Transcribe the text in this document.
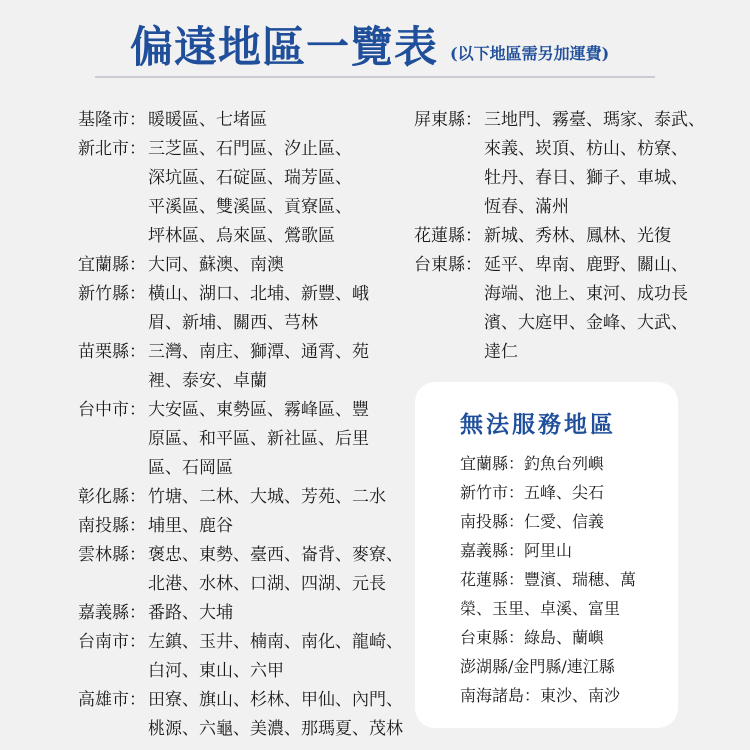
偏遠地區一覽表 (以下地區需另加運費)
基隆市： 暖暖區、七堵區
新北市： 三芝區、石門區、汐止區、
深坑區、石碇區、瑞芳區、
平溪區、雙溪區、貢寮區、
坪林區、烏來區、鶯歌區
宜蘭縣： 大同、蘇澳、南澳
新竹縣： 橫山、湖口、北埔、新豐、峨
眉、新埔、關西、芎林
苗栗縣： 三灣、南庄、獅潭、通霄、苑
裡、泰安、卓蘭
台中市： 大安區、東勢區、霧峰區、豐
原區、和平區、新社區、后里
區、石岡區
彰化縣： 竹塘、二林、大城、芳苑、二水
南投縣： 埔里、鹿谷
雲林縣： 褒忠、東勢、臺西、崙背、麥寮、
北港、水林、口湖、四湖、元長
嘉義縣： 番路、大埔
台南市： 左鎮、玉井、楠南、南化、龍崎、
白河、東山、六甲
高雄市： 田寮、旗山、杉林、甲仙、內門、
桃源、六龜、美濃、那瑪夏、茂林
屏東縣： 三地門、霧臺、瑪家、泰武、
來義、崁頂、枋山、枋寮、
牡丹、春日、獅子、車城、
恆春、滿州
花蓮縣： 新城、秀林、鳳林、光復
台東縣： 延平、卑南、鹿野、關山、
海端、池上、東河、成功長
濱、大庭甲、金峰、大武、
達仁
無法服務地區
宜蘭縣：釣魚台列嶼
新竹市：五峰、尖石
南投縣：仁愛、信義
嘉義縣：阿里山
花蓮縣：豐濱、瑞穗、萬
榮、玉里、卓溪、富里
台東縣：綠島、蘭嶼
澎湖縣/金門縣/連江縣
南海諸島：東沙、南沙
